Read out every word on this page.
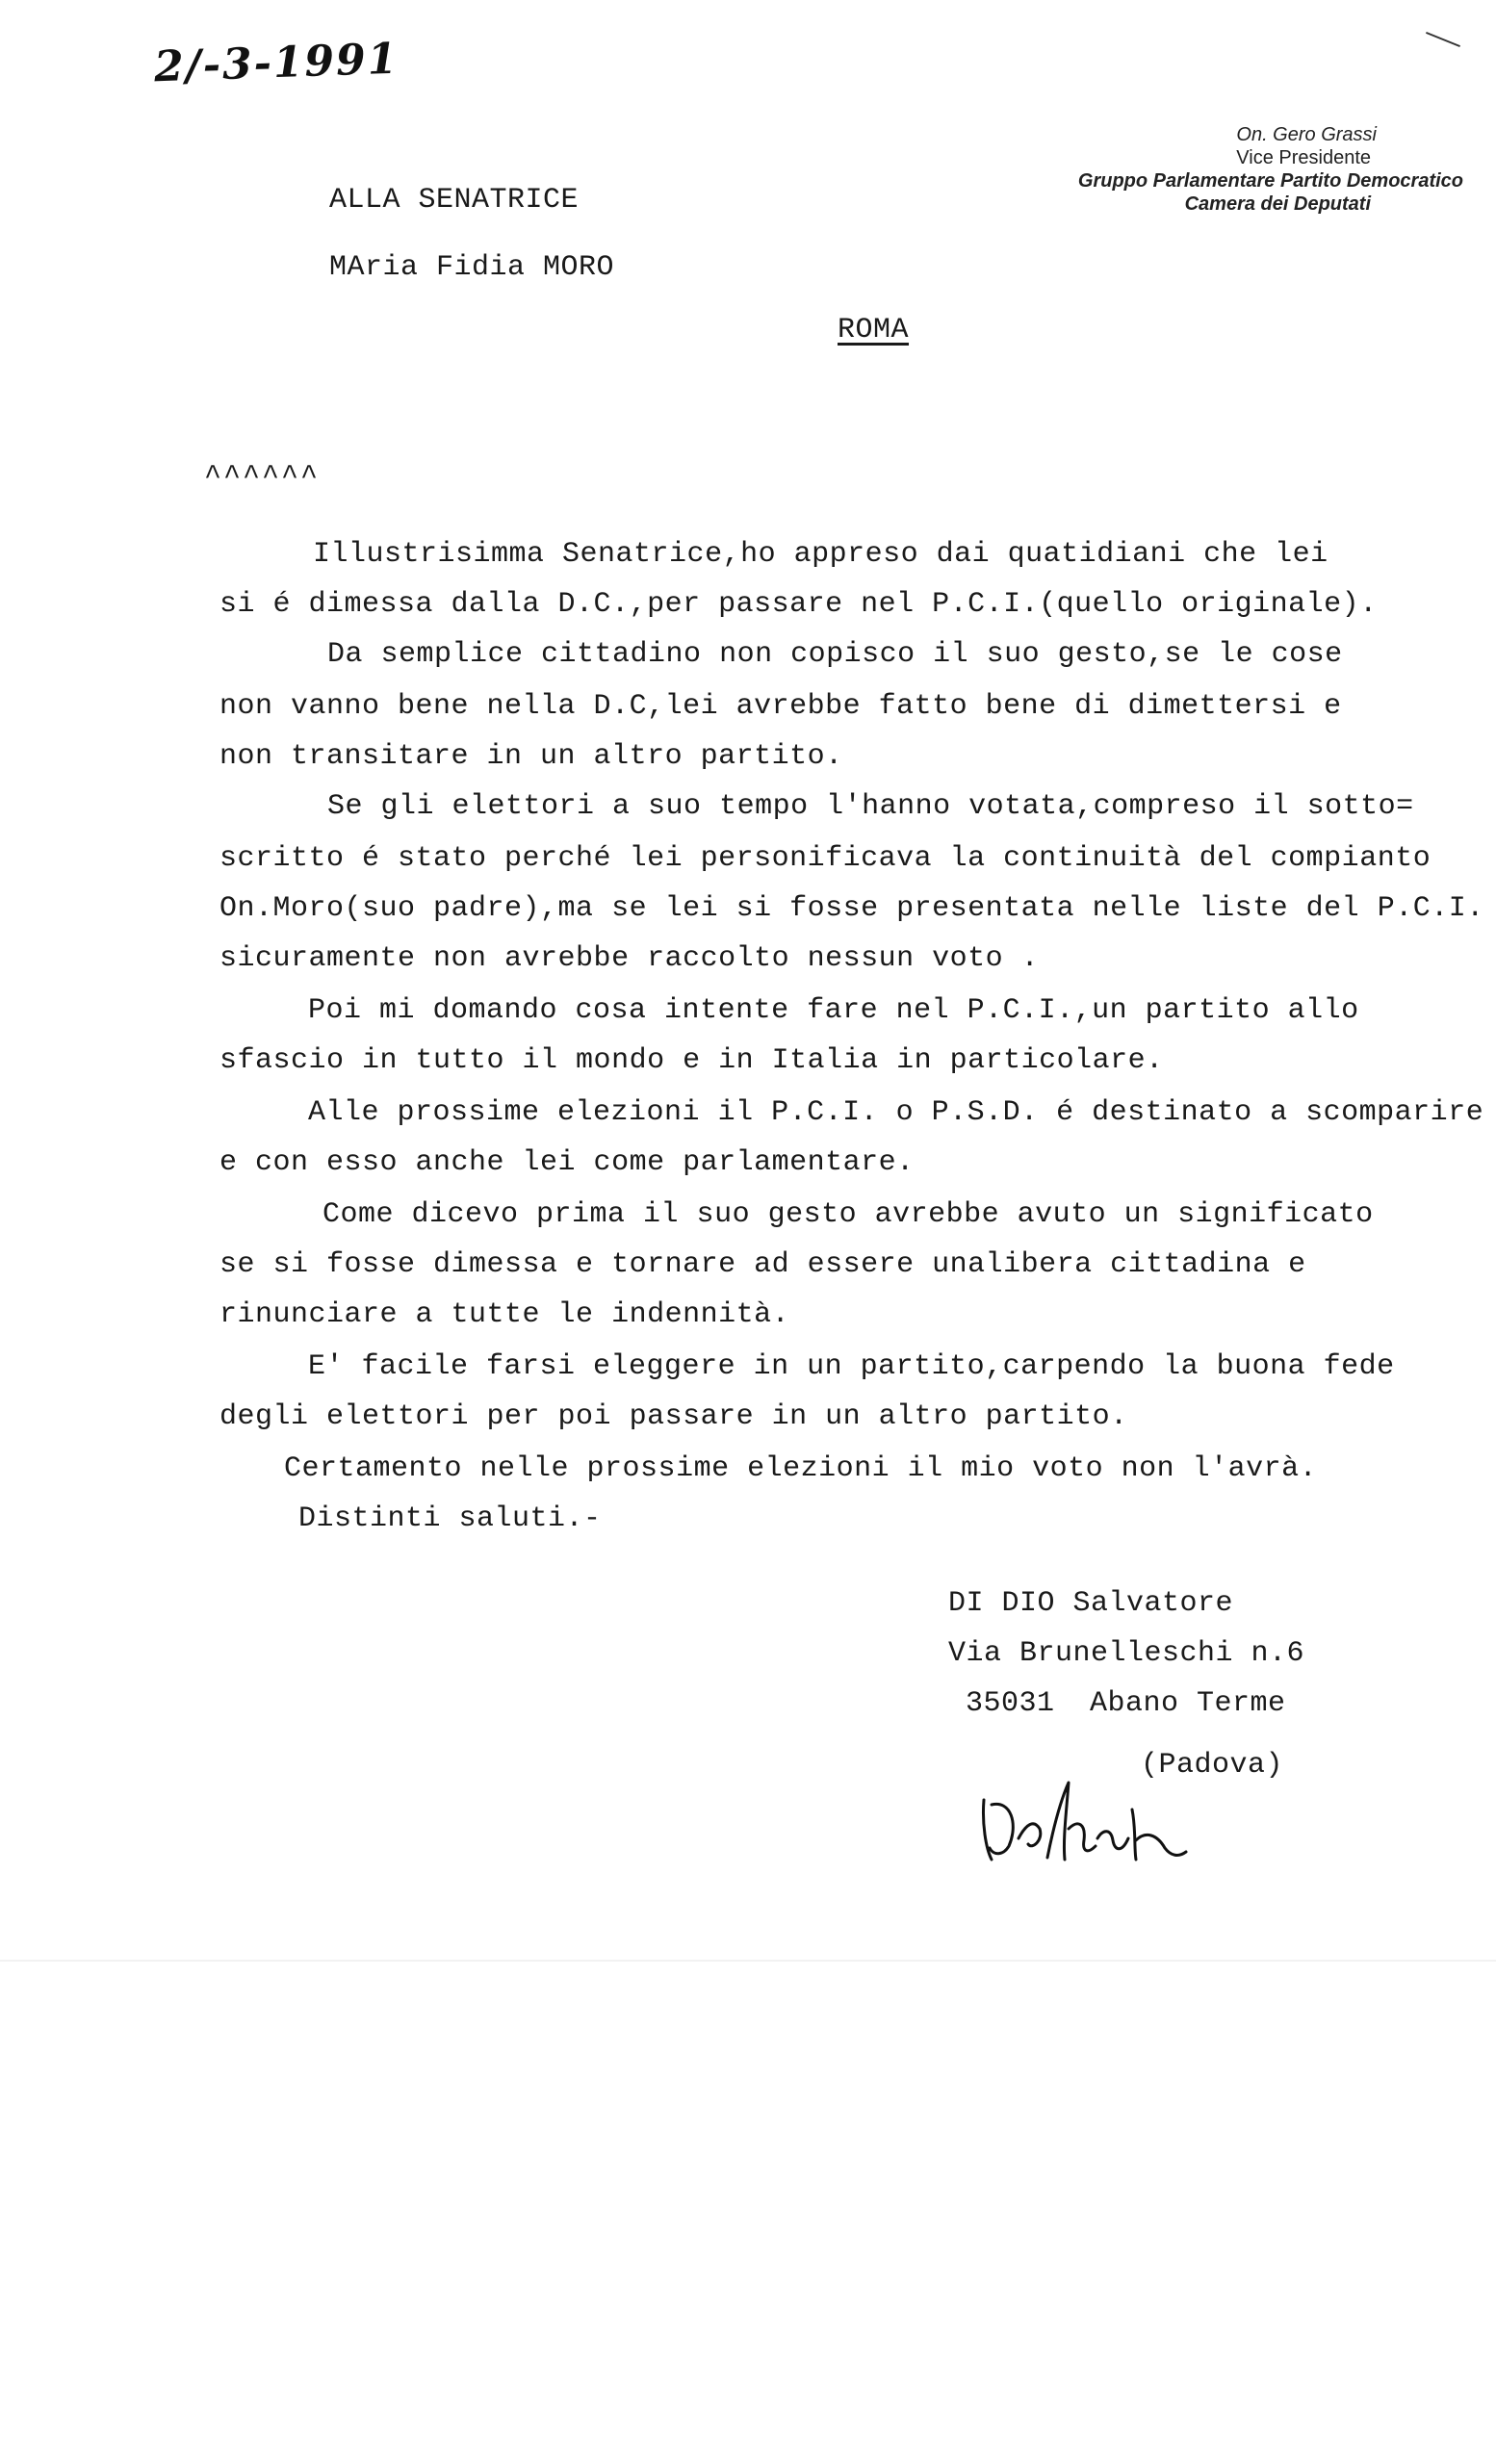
2/-3-1991
On. Gero Grassi
Vice Presidente
Gruppo Parlamentare Partito Democratico
Camera dei Deputati
ALLA SENATRICE
MAria Fidia MORO
ROMA
^^^^^^
Illustrisimma Senatrice,ho appreso dai quatidiani che lei
si é dimessa dalla D.C.,per passare nel P.C.I.(quello originale).
Da semplice cittadino non copisco il suo gesto,se le cose
non vanno bene nella D.C,lei avrebbe fatto bene di dimettersi e
non transitare in un altro partito.
Se gli elettori a suo tempo l'hanno votata,compreso il sotto=
scritto é stato perché lei personificava la continuità del compianto
On.Moro(suo padre),ma se lei si fosse presentata nelle liste del P.C.I.
sicuramente non avrebbe raccolto nessun voto .
Poi mi domando cosa intente fare nel P.C.I.,un partito allo
sfascio in tutto il mondo e in Italia in particolare.
Alle prossime elezioni il P.C.I. o P.S.D. é destinato a scomparire
e con esso anche lei come parlamentare.
Come dicevo prima il suo gesto avrebbe avuto un significato
se si fosse dimessa e tornare ad essere unalibera cittadina e
rinunciare a tutte le indennità.
E' facile farsi eleggere in un partito,carpendo la buona fede
degli elettori per poi passare in un altro partito.
Certamento nelle prossime elezioni il mio voto non l'avrà.
Distinti saluti.-
DI DIO Salvatore
Via Brunelleschi n.6
35031 Abano Terme
(Padova)
